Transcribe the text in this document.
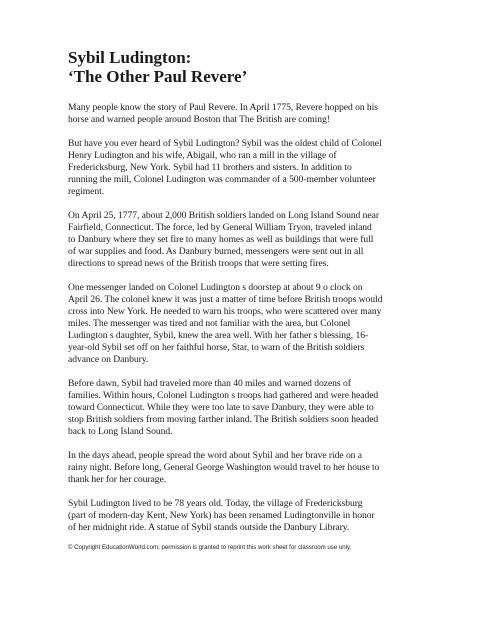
Sybil Ludington:
‘The Other Paul Revere’
Many people know the story of Paul Revere. In April 1775, Revere hopped on his
horse and warned people around Boston that The British are coming!
But have you ever heard of Sybil Ludington? Sybil was the oldest child of Colonel
Henry Ludington and his wife, Abigail, who ran a mill in the village of
Fredericksburg, New York. Sybil had 11 brothers and sisters. In addition to
running the mill, Colonel Ludington was commander of a 500-member volunteer
regiment.
On April 25, 1777, about 2,000 British soldiers landed on Long Island Sound near
Fairfield, Connecticut. The force, led by General William Tryon, traveled inland
to Danbury where they set fire to many homes as well as buildings that were full
of war supplies and food. As Danbury burned, messengers were sent out in all
directions to spread news of the British troops that were setting fires.
One messenger landed on Colonel Ludington s doorstep at about 9 o clock on
April 26. The colonel knew it was just a matter of time before British troops would
cross into New York. He needed to warn his troops, who were scattered over many
miles. The messenger was tired and not familiar with the area, but Colonel
Ludington s daughter, Sybil, knew the area well. With her father s blessing, 16-
year-old Sybil set off on her faithful horse, Star, to warn of the British soldiers
advance on Danbury.
Before dawn, Sybil had traveled more than 40 miles and warned dozens of
families. Within hours, Colonel Ludington s troops had gathered and were headed
toward Connecticut. While they were too late to save Danbury, they were able to
stop British soldiers from moving farther inland. The British soldiers soon headed
back to Long Island Sound.
In the days ahead, people spread the word about Sybil and her brave ride on a
rainy night. Before long, General George Washington would travel to her house to
thank her for her courage.
Sybil Ludington lived to be 78 years old. Today, the village of Fredericksburg
(part of modern-day Kent, New York) has been renamed Ludingtonville in honor
of her midnight ride. A statue of Sybil stands outside the Danbury Library.
© Copyright EducationWorld.com; permission is granted to reprint this work sheet for classroom use only.
